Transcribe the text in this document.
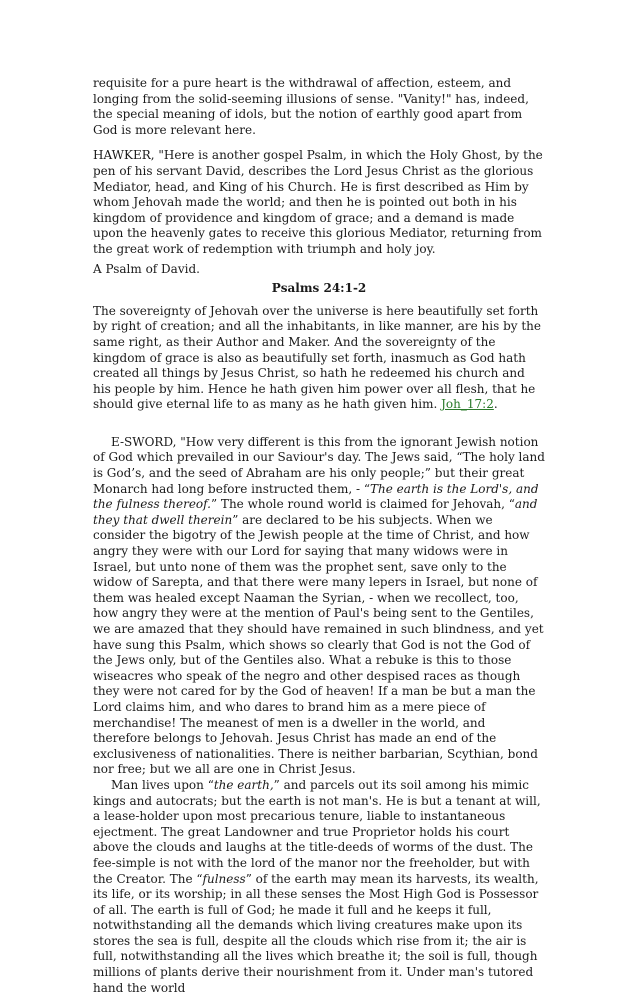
requisite for a pure heart is the withdrawal of affection, esteem, and longing from the solid-seeming illusions of sense. "Vanity!" has, indeed, the special meaning of idols, but the notion of earthly good apart from God is more relevant here.

HAWKER, "Here is another gospel Psalm, in which the Holy Ghost, by the pen of his servant David, describes the Lord Jesus Christ as the glorious Mediator, head, and King of his Church. He is first described as Him by whom Jehovah made the world; and then he is pointed out both in his kingdom of providence and kingdom of grace; and a demand is made upon the heavenly gates to receive this glorious Mediator, returning from the great work of redemption with triumph and holy joy.

A Psalm of David.

Psalms 24:1-2

The sovereignty of Jehovah over the universe is here beautifully set forth by right of creation; and all the inhabitants, in like manner, are his by the same right, as their Author and Maker. And the sovereignty of the kingdom of grace is also as beautifully set forth, inasmuch as God hath created all things by Jesus Christ, so hath he redeemed his church and his people by him. Hence he hath given him power over all flesh, that he should give eternal life to as many as he hath given him. Joh_17:2.

E-SWORD, "How very different is this from the ignorant Jewish notion of God which prevailed in our Saviour's day. The Jews said, “The holy land is God’s, and the seed of Abraham are his only people;” but their great Monarch had long before instructed them, - “The earth is the Lord's, and the fulness thereof.” The whole round world is claimed for Jehovah, “and they that dwell therein” are declared to be his subjects. When we consider the bigotry of the Jewish people at the time of Christ, and how angry they were with our Lord for saying that many widows were in Israel, but unto none of them was the prophet sent, save only to the widow of Sarepta, and that there were many lepers in Israel, but none of them was healed except Naaman the Syrian, - when we recollect, too, how angry they were at the mention of Paul's being sent to the Gentiles, we are amazed that they should have remained in such blindness, and yet have sung this Psalm, which shows so clearly that God is not the God of the Jews only, but of the Gentiles also. What a rebuke is this to those wiseacres who speak of the negro and other despised races as though they were not cared for by the God of heaven! If a man be but a man the Lord claims him, and who dares to brand him as a mere piece of merchandise! The meanest of men is a dweller in the world, and therefore belongs to Jehovah. Jesus Christ has made an end of the exclusiveness of nationalities. There is neither barbarian, Scythian, bond nor free; but we all are one in Christ Jesus.

Man lives upon “the earth,” and parcels out its soil among his mimic kings and autocrats; but the earth is not man's. He is but a tenant at will, a lease-holder upon most precarious tenure, liable to instantaneous ejectment. The great Landowner and true Proprietor holds his court above the clouds and laughs at the title-deeds of worms of the dust. The fee-simple is not with the lord of the manor nor the freeholder, but with the Creator. The “fulness” of the earth may mean its harvests, its wealth, its life, or its worship; in all these senses the Most High God is Possessor of all. The earth is full of God; he made it full and he keeps it full, notwithstanding all the demands which living creatures make upon its stores the sea is full, despite all the clouds which rise from it; the air is full, notwithstanding all the lives which breathe it; the soil is full, though millions of plants derive their nourishment from it. Under man's tutored hand the world
